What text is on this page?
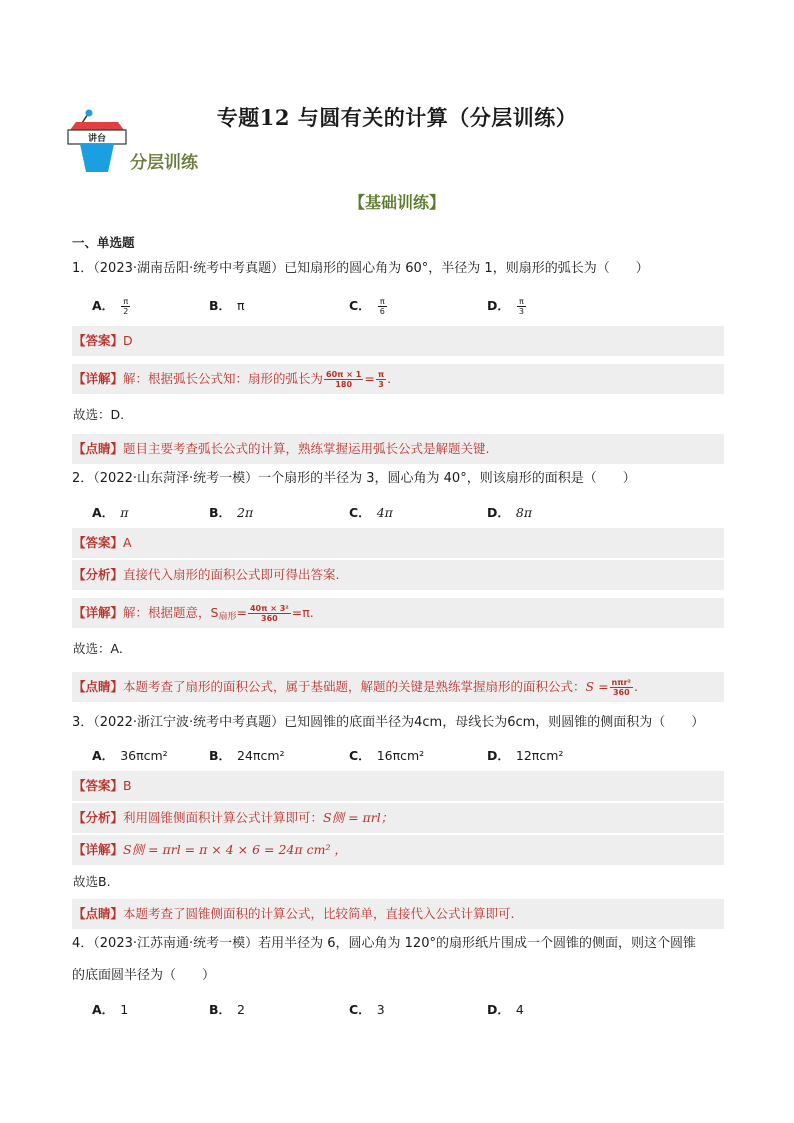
讲台
专题12 与圆有关的计算（分层训练）
分层训练
【基础训练】
一、单选题
1．（2023·湖南岳阳·统考中考真题）已知扇形的圆心角为 60°，半径为 1，则扇形的弧长为（　　）
A． $\frac{\pi}{2}$	B． π	C． $\frac{\pi}{6}$	D． $\frac{\pi}{3}$
【答案】D
【详解】解：根据弧长公式知：扇形的弧长为 $\frac{60\pi \times 1}{180} = \frac{\pi}{3}$ .
故选：D.
【点睛】题目主要考查弧长公式的计算，熟练掌握运用弧长公式是解题关键.
2．（2022·山东菏泽·统考一模）一个扇形的半径为 3，圆心角为 40°，则该扇形的面积是（　　）
A． π	B． 2π	C． 4π	D． 8π
【答案】A
【分析】直接代入扇形的面积公式即可得出答案.
【详解】解：根据题意，$S_{扇形}= \frac{\text{40π × 3²}}{360} =\pi$.
故选：A.
【点睛】本题考查了扇形的面积公式，属于基础题，解题的关键是熟练掌握扇形的面积公式：$S = \frac{\text{nπr²}}{360}$ .
3．（2022·浙江宁波·统考中考真题）已知圆锥的底面半径为4cm，母线长为6cm，则圆锥的侧面积为（　　）
A． 36πcm²	B． 24πcm²	C． 16πcm²	D． 12πcm²
【答案】B
【分析】利用圆锥侧面积计算公式计算即可：S侧 = πrl；
【详解】S侧 = πrl = π × 4 × 6 = 24π cm² ，
故选B.
【点睛】本题考查了圆锥侧面积的计算公式，比较简单，直接代入公式计算即可.
4．（2023·江苏南通·统考一模）若用半径为 6，圆心角为 120°的扇形纸片围成一个圆锥的侧面，则这个圆锥
的底面圆半径为（　　）
A． 1	B． 2	C． 3	D． 4
